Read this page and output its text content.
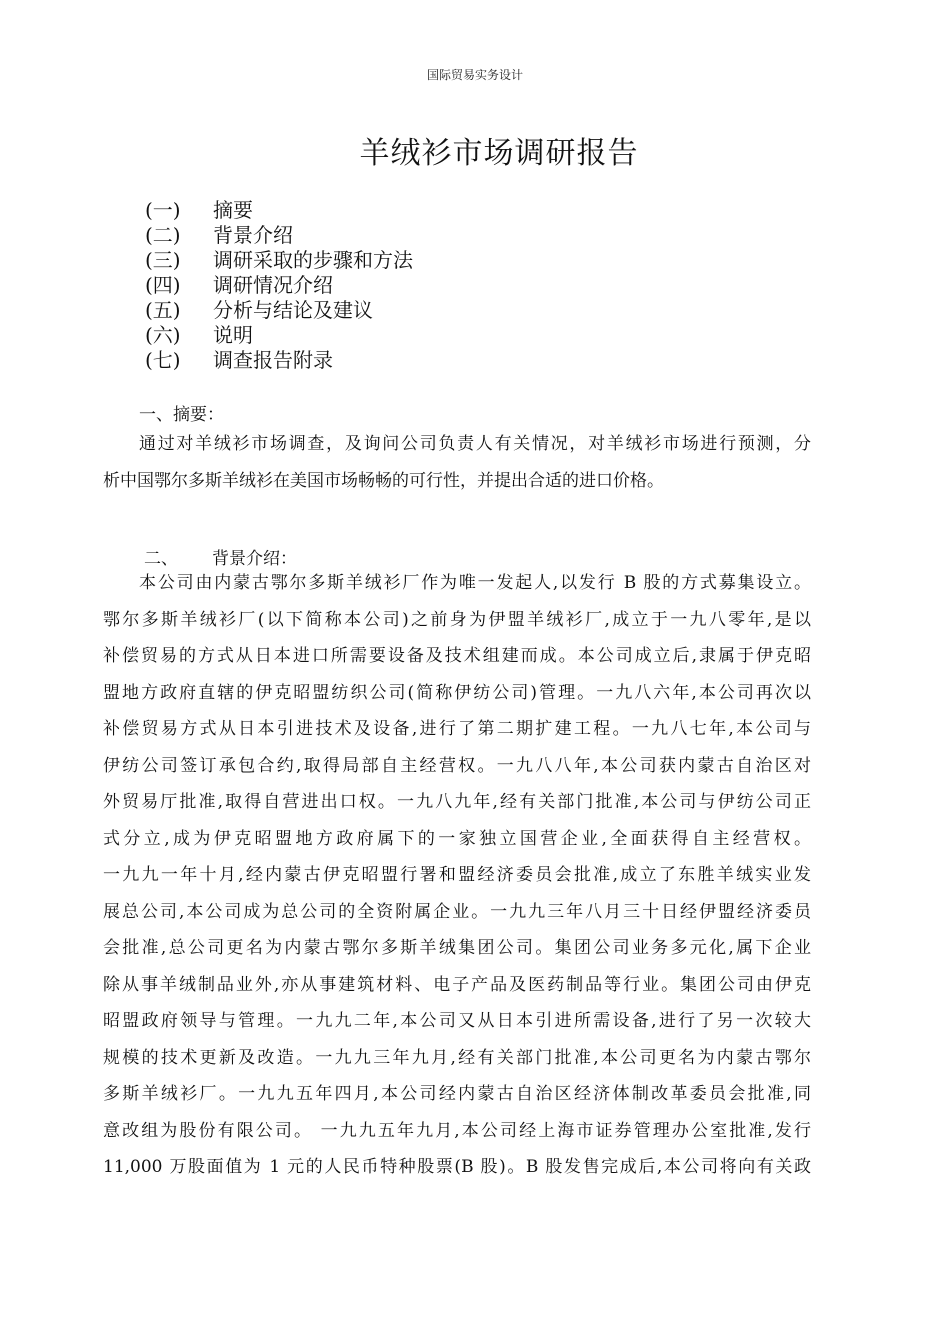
国际贸易实务设计
羊绒衫市场调研报告
(一)	摘要
(二)	背景介绍
(三)	调研采取的步骤和方法
(四)	调研情况介绍
(五)	分析与结论及建议
(六)	说明
(七)	调查报告附录
一、摘要：
通过对羊绒衫市场调查，及询问公司负责人有关情况，对羊绒衫市场进行预测，分
析中国鄂尔多斯羊绒衫在美国市场畅畅的可行性，并提出合适的进口价格。
二、 背景介绍：
本公司由内蒙古鄂尔多斯羊绒衫厂作为唯一发起人,以发行 B 股的方式募集设立。
鄂尔多斯羊绒衫厂(以下简称本公司)之前身为伊盟羊绒衫厂,成立于一九八零年,是以
补偿贸易的方式从日本进口所需要设备及技术组建而成。本公司成立后,隶属于伊克昭
盟地方政府直辖的伊克昭盟纺织公司(简称伊纺公司)管理。一九八六年,本公司再次以
补偿贸易方式从日本引进技术及设备,进行了第二期扩建工程。一九八七年,本公司与
伊纺公司签订承包合约,取得局部自主经营权。一九八八年,本公司获内蒙古自治区对
外贸易厅批准,取得自营进出口权。一九八九年,经有关部门批准,本公司与伊纺公司正
式分立,成为伊克昭盟地方政府属下的一家独立国营企业,全面获得自主经营权。
一九九一年十月,经内蒙古伊克昭盟行署和盟经济委员会批准,成立了东胜羊绒实业发
展总公司,本公司成为总公司的全资附属企业。一九九三年八月三十日经伊盟经济委员
会批准,总公司更名为内蒙古鄂尔多斯羊绒集团公司。集团公司业务多元化,属下企业
除从事羊绒制品业外,亦从事建筑材料、电子产品及医药制品等行业。集团公司由伊克
昭盟政府领导与管理。一九九二年,本公司又从日本引进所需设备,进行了另一次较大
规模的技术更新及改造。一九九三年九月,经有关部门批准,本公司更名为内蒙古鄂尔
多斯羊绒衫厂。一九九五年四月,本公司经内蒙古自治区经济体制改革委员会批准,同
意改组为股份有限公司。 一九九五年九月,本公司经上海市证券管理办公室批准,发行
11,000 万股面值为 1 元的人民币特种股票(B 股)。B 股发售完成后,本公司将向有关政
